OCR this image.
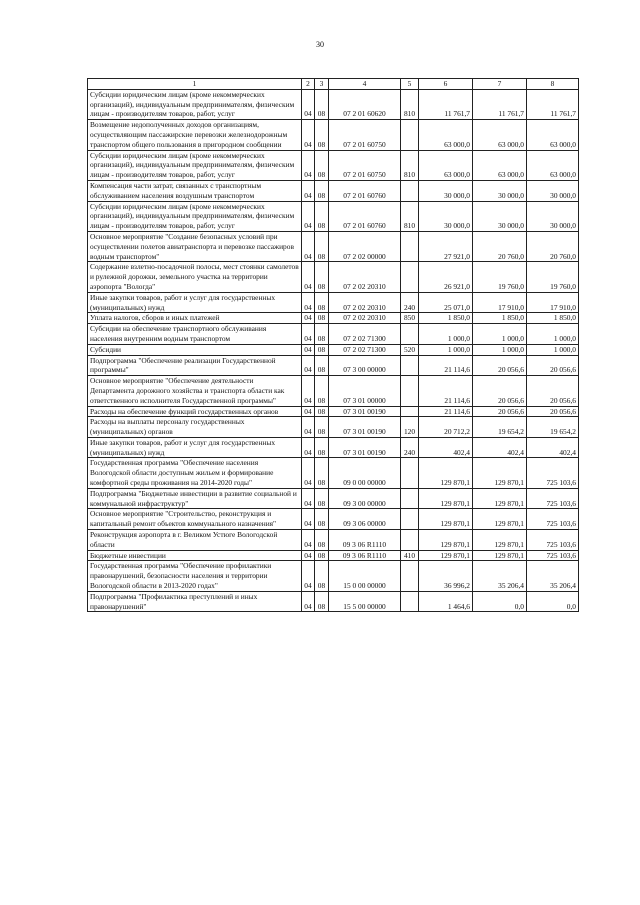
30
1	2	3	4	5	6	7	8
Субсидии юридическим лицам (кроме некоммерческих организаций), индивидуальным предпринимателям, физическим лицам - производителям товаров, работ, услуг	04	08	07 2 01 60620	810	11 761,7	11 761,7	11 761,7
Возмещение недополученных доходов организациям, осуществляющим пассажирские перевозки железнодорожным транспортом общего пользования в пригородном сообщении	04	08	07 2 01 60750		63 000,0	63 000,0	63 000,0
Субсидии юридическим лицам (кроме некоммерческих организаций), индивидуальным предпринимателям, физическим лицам - производителям товаров, работ, услуг	04	08	07 2 01 60750	810	63 000,0	63 000,0	63 000,0
Компенсация части затрат, связанных с транспортным обслуживанием населения воздушным транспортом	04	08	07 2 01 60760		30 000,0	30 000,0	30 000,0
Субсидии юридическим лицам (кроме некоммерческих организаций), индивидуальным предпринимателям, физическим лицам - производителям товаров, работ, услуг	04	08	07 2 01 60760	810	30 000,0	30 000,0	30 000,0
Основное мероприятие "Создание безопасных условий при осуществлении полетов авиатранспорта и перевозке пассажиров водным транспортом"	04	08	07 2 02 00000		27 921,0	20 760,0	20 760,0
Содержание взлетно-посадочной полосы, мест стоянки самолетов и рулежной дорожки, земельного участка на территории аэропорта "Вологда"	04	08	07 2 02 20310		26 921,0	19 760,0	19 760,0
Иные закупки товаров, работ и услуг для государственных (муниципальных) нужд	04	08	07 2 02 20310	240	25 071,0	17 910,0	17 910,0
Уплата налогов, сборов и иных платежей	04	08	07 2 02 20310	850	1 850,0	1 850,0	1 850,0
Субсидии на обеспечение транспортного обслуживания населения внутренним водным транспортом	04	08	07 2 02 71300		1 000,0	1 000,0	1 000,0
Субсидии	04	08	07 2 02 71300	520	1 000,0	1 000,0	1 000,0
Подпрограмма "Обеспечение реализации Государственной программы"	04	08	07 3 00 00000		21 114,6	20 056,6	20 056,6
Основное мероприятие "Обеспечение деятельности Департамента дорожного хозяйства и транспорта области как ответственного исполнителя Государственной программы"	04	08	07 3 01 00000		21 114,6	20 056,6	20 056,6
Расходы на обеспечение функций государственных органов	04	08	07 3 01 00190		21 114,6	20 056,6	20 056,6
Расходы на выплаты персоналу государственных (муниципальных) органов	04	08	07 3 01 00190	120	20 712,2	19 654,2	19 654,2
Иные закупки товаров, работ и услуг для государственных (муниципальных) нужд	04	08	07 3 01 00190	240	402,4	402,4	402,4
Государственная программа "Обеспечение населения Вологодской области доступным жильем и формирование комфортной среды проживания на 2014-2020 годы"	04	08	09 0 00 00000		129 870,1	129 870,1	725 103,6
Подпрограмма "Бюджетные инвестиции в развитие социальной и коммунальной инфраструктур"	04	08	09 3 00 00000		129 870,1	129 870,1	725 103,6
Основное мероприятие "Строительство, реконструкция и капитальный ремонт объектов коммунального назначения"	04	08	09 3 06 00000		129 870,1	129 870,1	725 103,6
Реконструкция аэропорта в г. Великом Устюге Вологодской области	04	08	09 3 06 R1110		129 870,1	129 870,1	725 103,6
Бюджетные инвестиции	04	08	09 3 06 R1110	410	129 870,1	129 870,1	725 103,6
Государственная программа "Обеспечение профилактики правонарушений, безопасности населения и территории Вологодской области в 2013-2020 годах"	04	08	15 0 00 00000		36 996,2	35 206,4	35 206,4
Подпрограмма "Профилактика преступлений и иных правонарушений"	04	08	15 5 00 00000		1 464,6	0,0	0,0
